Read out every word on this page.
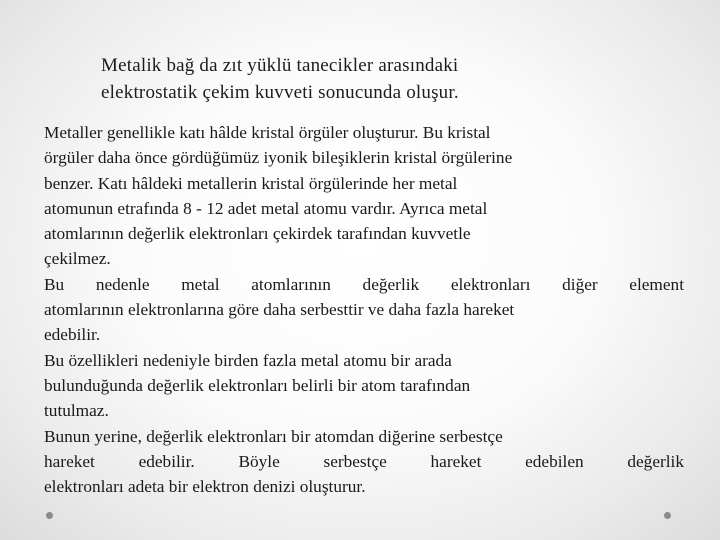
Metalik bağ da zıt yüklü tanecikler arasındaki
elektrostatik çekim kuvveti sonucunda oluşur.
Metaller genellikle katı hâlde kristal örgüler oluşturur. Bu kristal
örgüler daha önce gördüğümüz iyonik bileşiklerin kristal örgülerine
benzer. Katı hâldeki metallerin kristal örgülerinde her metal
atomunun etrafında 8 - 12 adet metal atomu vardır. Ayrıca metal
atomlarının değerlik elektronları çekirdek tarafından kuvvetle
çekilmez.
Bu nedenle metal atomlarının değerlik elektronları diğer element
atomlarının elektronlarına göre daha serbesttir ve daha fazla hareket
edebilir.
Bu özellikleri nedeniyle birden fazla metal atomu bir arada
bulunduğunda değerlik elektronları belirli bir atom tarafından
tutulmaz.
Bunun yerine, değerlik elektronları bir atomdan diğerine serbestçe
hareket edebilir. Böyle serbestçe hareket edebilen değerlik
elektronları adeta bir elektron denizi oluşturur.
